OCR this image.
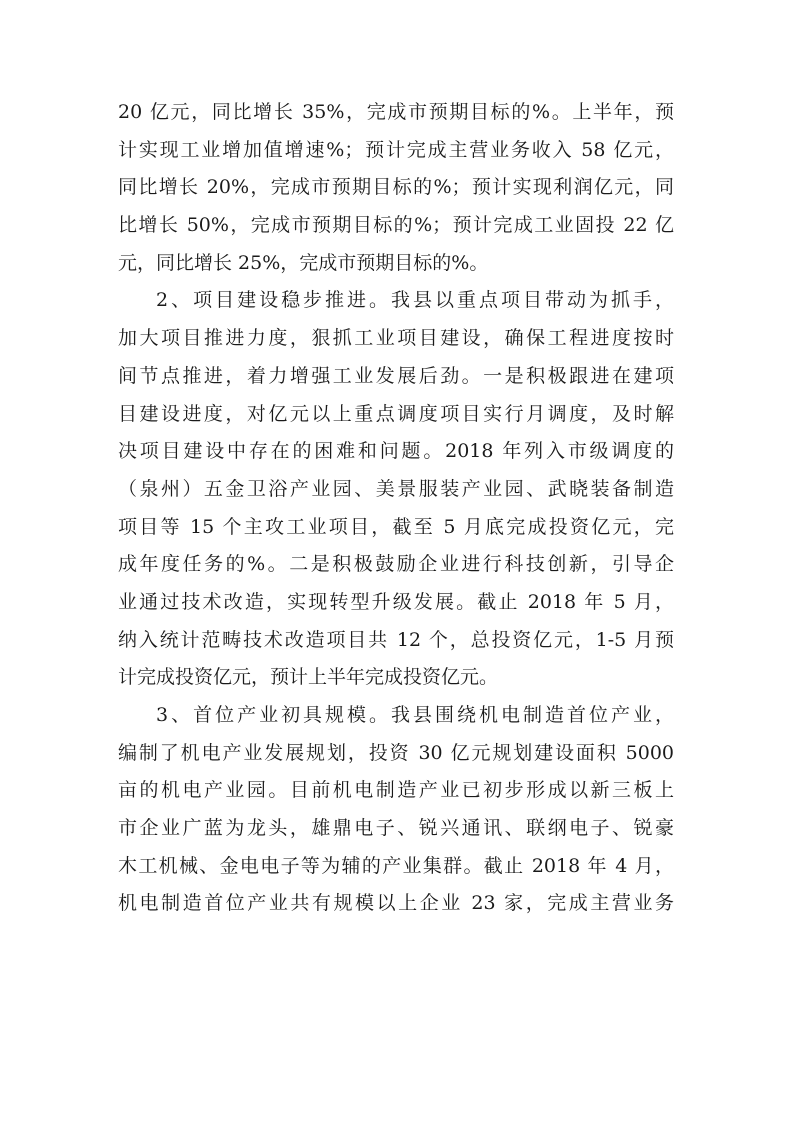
20 亿元，同比增长 35%，完成市预期目标的%。上半年，预
计实现工业增加值增速%；预计完成主营业务收入 58 亿元，
同比增长 20%，完成市预期目标的%；预计实现利润亿元，同
比增长 50%，完成市预期目标的%；预计完成工业固投 22 亿
元，同比增长 25%，完成市预期目标的%。
2、项目建设稳步推进。我县以重点项目带动为抓手，
加大项目推进力度，狠抓工业项目建设，确保工程进度按时
间节点推进，着力增强工业发展后劲。一是积极跟进在建项
目建设进度，对亿元以上重点调度项目实行月调度，及时解
决项目建设中存在的困难和问题。2018 年列入市级调度的
（泉州）五金卫浴产业园、美景服装产业园、武晓装备制造
项目等 15 个主攻工业项目，截至 5 月底完成投资亿元，完
成年度任务的%。二是积极鼓励企业进行科技创新，引导企
业通过技术改造，实现转型升级发展。截止 2018 年 5 月，
纳入统计范畴技术改造项目共 12 个，总投资亿元，1-5 月预
计完成投资亿元，预计上半年完成投资亿元。
3、首位产业初具规模。我县围绕机电制造首位产业，
编制了机电产业发展规划，投资 30 亿元规划建设面积 5000
亩的机电产业园。目前机电制造产业已初步形成以新三板上
市企业广蓝为龙头，雄鼎电子、锐兴通讯、联纲电子、锐豪
木工机械、金电电子等为辅的产业集群。截止 2018 年 4 月，
机电制造首位产业共有规模以上企业 23 家，完成主营业务
